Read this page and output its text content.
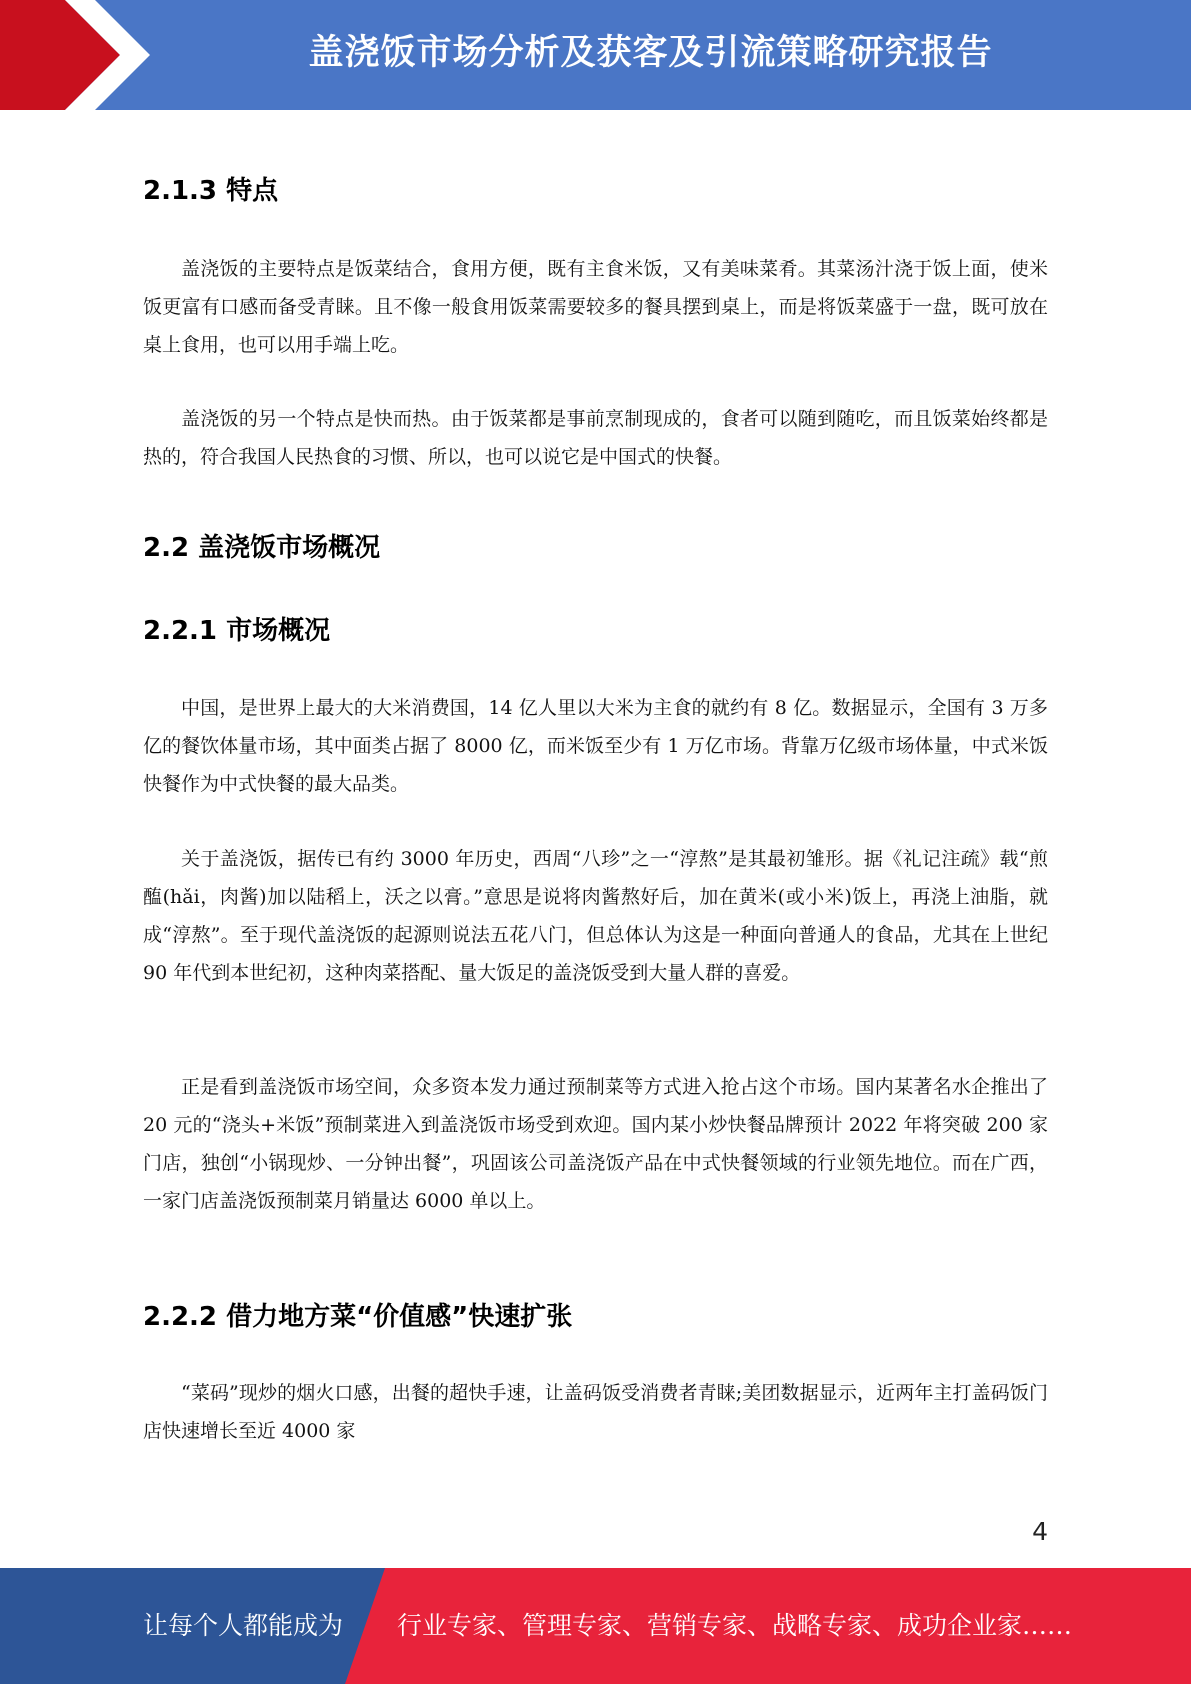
盖浇饭市场分析及获客及引流策略研究报告
2.1.3 特点

盖浇饭的主要特点是饭菜结合，食用方便，既有主食米饭，又有美味菜肴。其菜汤汁浇于饭上面，使米饭更富有口感而备受青睐。且不像一般食用饭菜需要较多的餐具摆到桌上，而是将饭菜盛于一盘，既可放在桌上食用，也可以用手端上吃。

盖浇饭的另一个特点是快而热。由于饭菜都是事前烹制现成的，食者可以随到随吃，而且饭菜始终都是热的，符合我国人民热食的习惯、所以，也可以说它是中国式的快餐。

2.2 盖浇饭市场概况
2.2.1 市场概况

中国，是世界上最大的大米消费国，14 亿人里以大米为主食的就约有 8 亿。数据显示，全国有 3 万多亿的餐饮体量市场，其中面类占据了 8000 亿，而米饭至少有 1 万亿市场。背靠万亿级市场体量，中式米饭快餐作为中式快餐的最大品类。

关于盖浇饭，据传已有约 3000 年历史，西周“八珍”之一“淳熬”是其最初雏形。据《礼记注疏》载“煎醢(hǎi，肉酱)加以陆稻上，沃之以膏。”意思是说将肉酱熬好后，加在黄米(或小米)饭上，再浇上油脂，就成“淳熬”。至于现代盖浇饭的起源则说法五花八门，但总体认为这是一种面向普通人的食品，尤其在上世纪 90 年代到本世纪初，这种肉菜搭配、量大饭足的盖浇饭受到大量人群的喜爱。

正是看到盖浇饭市场空间，众多资本发力通过预制菜等方式进入抢占这个市场。国内某著名水企推出了 20 元的“浇头+米饭”预制菜进入到盖浇饭市场受到欢迎。国内某小炒快餐品牌预计 2022 年将突破 200 家门店，独创“小锅现炒、一分钟出餐”，巩固该公司盖浇饭产品在中式快餐领域的行业领先地位。而在广西，一家门店盖浇饭预制菜月销量达 6000 单以上。

2.2.2 借力地方菜“价值感”快速扩张

“菜码”现炒的烟火口感，出餐的超快手速，让盖码饭受消费者青睐;美团数据显示，近两年主打盖码饭门店快速增长至近 4000 家

4
让每个人都能成为 行业专家、管理专家、营销专家、战略专家、成功企业家……
